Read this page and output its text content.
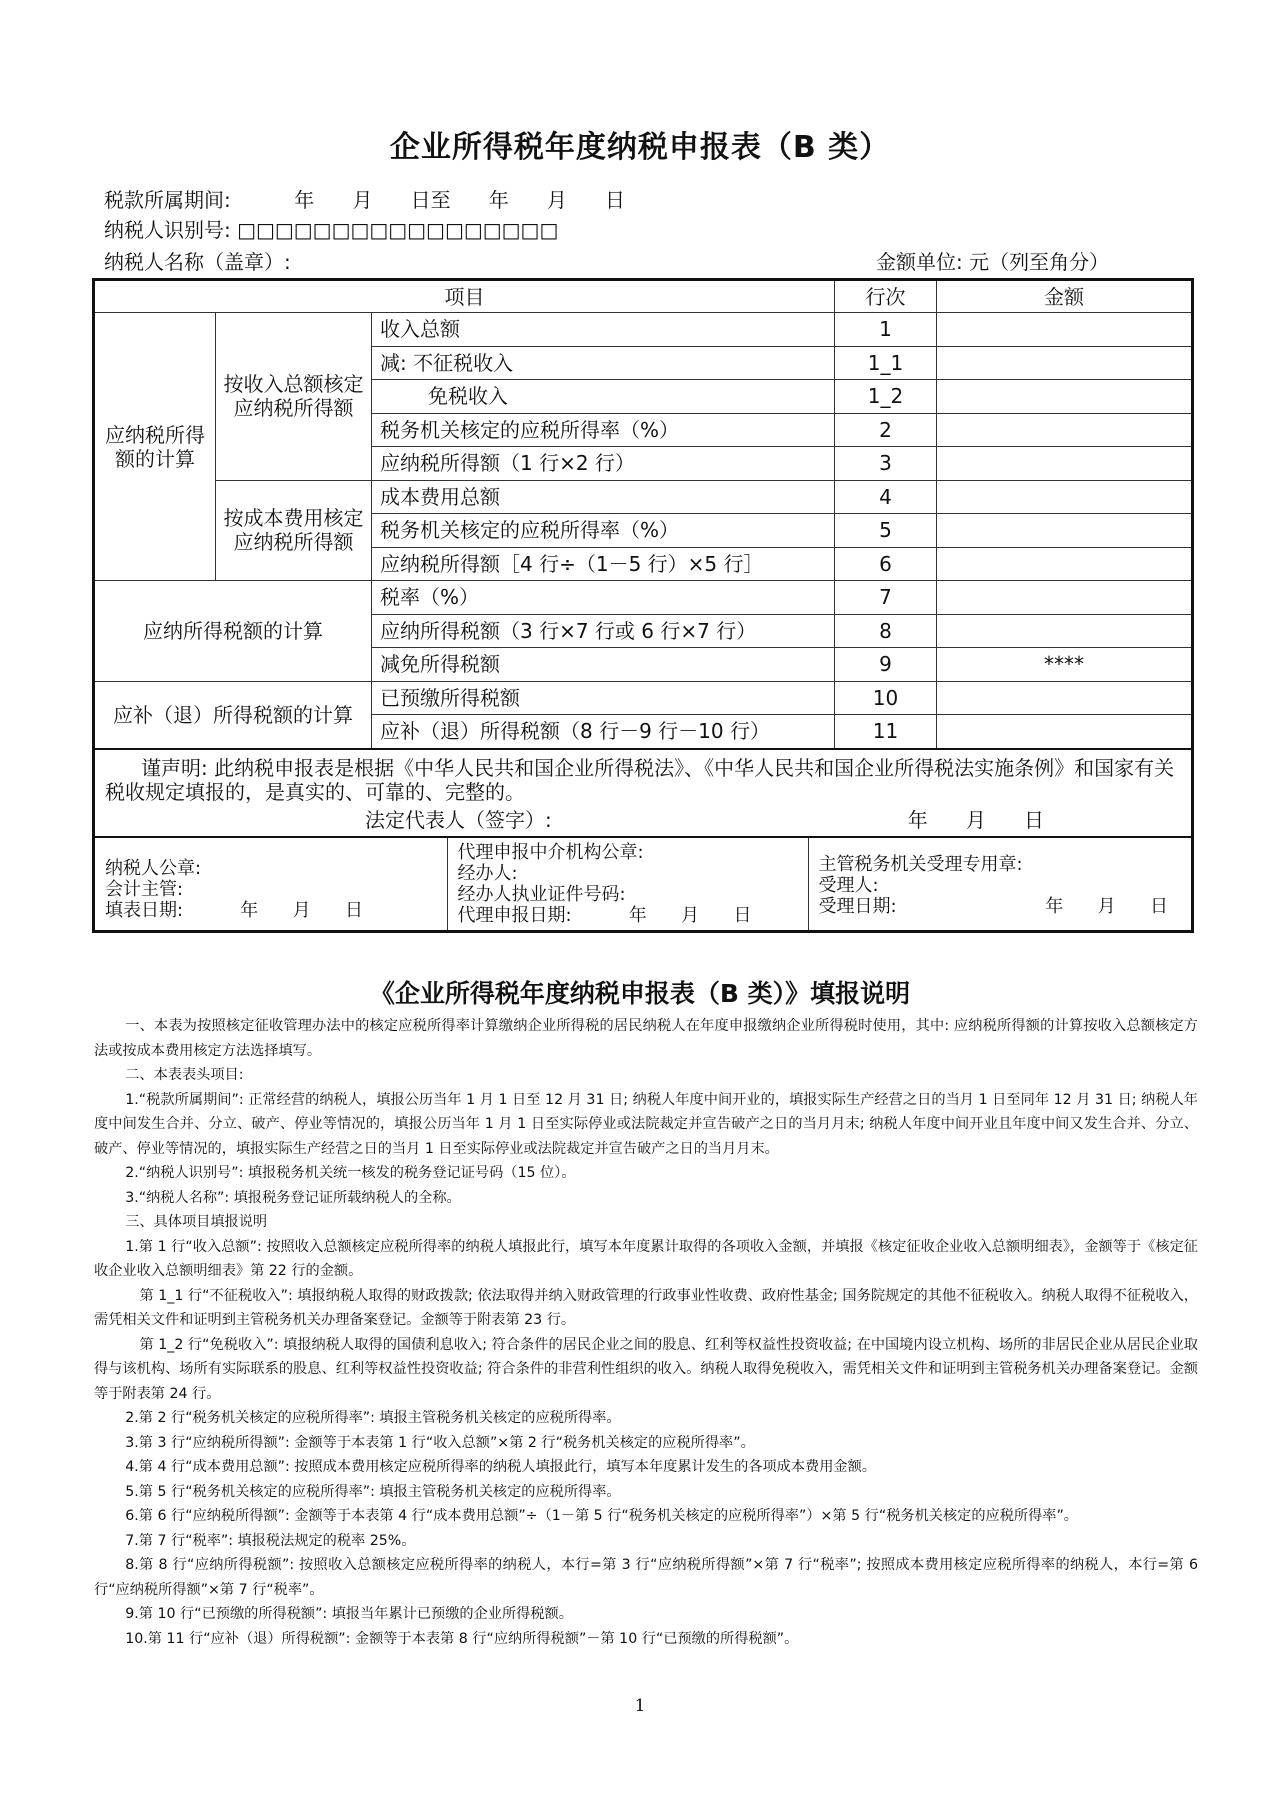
企业所得税年度纳税申报表（B 类）
税款所属期间:          年      月      日至      年      月      日
纳税人识别号: □□□□□□□□□□□□□□□□□
纳税人名称（盖章）:	金额单位: 元（列至角分）
项目	行次	金额
应纳税所得额的计算	按收入总额核定应纳税所得额	收入总额	1	
减: 不征税收入	1_1	
免税收入	1_2	
税务机关核定的应税所得率（%）	2	
应纳税所得额（1 行×2 行）	3	
按成本费用核定应纳税所得额	成本费用总额	4	
税务机关核定的应税所得率（%）	5	
应纳税所得额［4 行÷（1－5 行）×5 行］	6	
应纳所得税额的计算	税率（%）	7	
应纳所得税额（3 行×7 行或 6 行×7 行）	8	
减免所得税额	9	****
应补（退）所得税额的计算	已预缴所得税额	10	
应补（退）所得税额（8 行－9 行－10 行）	11	
谨声明: 此纳税申报表是根据《中华人民共和国企业所得税法》、《中华人民共和国企业所得税法实施条例》和国家有关税收规定填报的，是真实的、可靠的、完整的。
法定代表人（签字）:                                                        年      月      日

纳税人公章:
会计主管:
填表日期:          年      月      日

代理申报中介机构公章:
经办人:
经办人执业证件号码:
代理申报日期:          年      月      日

主管税务机关受理专用章:
受理人:
受理日期:                          年      月      日
《企业所得税年度纳税申报表（B 类）》填报说明

一、本表为按照核定征收管理办法中的核定应税所得率计算缴纳企业所得税的居民纳税人在年度申报缴纳企业所得税时使用，其中: 应纳税所得额的计算按收入总额核定方法或按成本费用核定方法选择填写。

二、本表表头项目:

1.“税款所属期间”: 正常经营的纳税人，填报公历当年 1 月 1 日至 12 月 31 日; 纳税人年度中间开业的，填报实际生产经营之日的当月 1 日至同年 12 月 31 日; 纳税人年度中间发生合并、分立、破产、停业等情况的，填报公历当年 1 月 1 日至实际停业或法院裁定并宣告破产之日的当月月末; 纳税人年度中间开业且年度中间又发生合并、分立、破产、停业等情况的，填报实际生产经营之日的当月 1 日至实际停业或法院裁定并宣告破产之日的当月月末。

2.“纳税人识别号”: 填报税务机关统一核发的税务登记证号码（15 位）。

3.“纳税人名称”: 填报税务登记证所载纳税人的全称。

三、具体项目填报说明

1.第 1 行“收入总额”: 按照收入总额核定应税所得率的纳税人填报此行，填写本年度累计取得的各项收入金额，并填报《核定征收企业收入总额明细表》，金额等于《核定征收企业收入总额明细表》第 22 行的金额。

第 1_1 行“不征税收入”: 填报纳税人取得的财政拨款; 依法取得并纳入财政管理的行政事业性收费、政府性基金; 国务院规定的其他不征税收入。纳税人取得不征税收入，需凭相关文件和证明到主管税务机关办理备案登记。金额等于附表第 23 行。

第 1_2 行“免税收入”: 填报纳税人取得的国债利息收入; 符合条件的居民企业之间的股息、红利等权益性投资收益; 在中国境内设立机构、场所的非居民企业从居民企业取得与该机构、场所有实际联系的股息、红利等权益性投资收益; 符合条件的非营利性组织的收入。纳税人取得免税收入，需凭相关文件和证明到主管税务机关办理备案登记。金额等于附表第 24 行。

2.第 2 行“税务机关核定的应税所得率”: 填报主管税务机关核定的应税所得率。

3.第 3 行“应纳税所得额”: 金额等于本表第 1 行“收入总额”×第 2 行“税务机关核定的应税所得率”。

4.第 4 行“成本费用总额”: 按照成本费用核定应税所得率的纳税人填报此行，填写本年度累计发生的各项成本费用金额。

5.第 5 行“税务机关核定的应税所得率”: 填报主管税务机关核定的应税所得率。

6.第 6 行“应纳税所得额”: 金额等于本表第 4 行“成本费用总额”÷（1－第 5 行“税务机关核定的应税所得率”）×第 5 行“税务机关核定的应税所得率”。

7.第 7 行“税率”: 填报税法规定的税率 25%。

8.第 8 行“应纳所得税额”: 按照收入总额核定应税所得率的纳税人，本行=第 3 行“应纳税所得额”×第 7 行“税率”; 按照成本费用核定应税所得率的纳税人，本行=第 6 行“应纳税所得额”×第 7 行“税率”。

9.第 10 行“已预缴的所得税额”: 填报当年累计已预缴的企业所得税额。

10.第 11 行“应补（退）所得税额”: 金额等于本表第 8 行“应纳所得税额”－第 10 行“已预缴的所得税额”。

1
